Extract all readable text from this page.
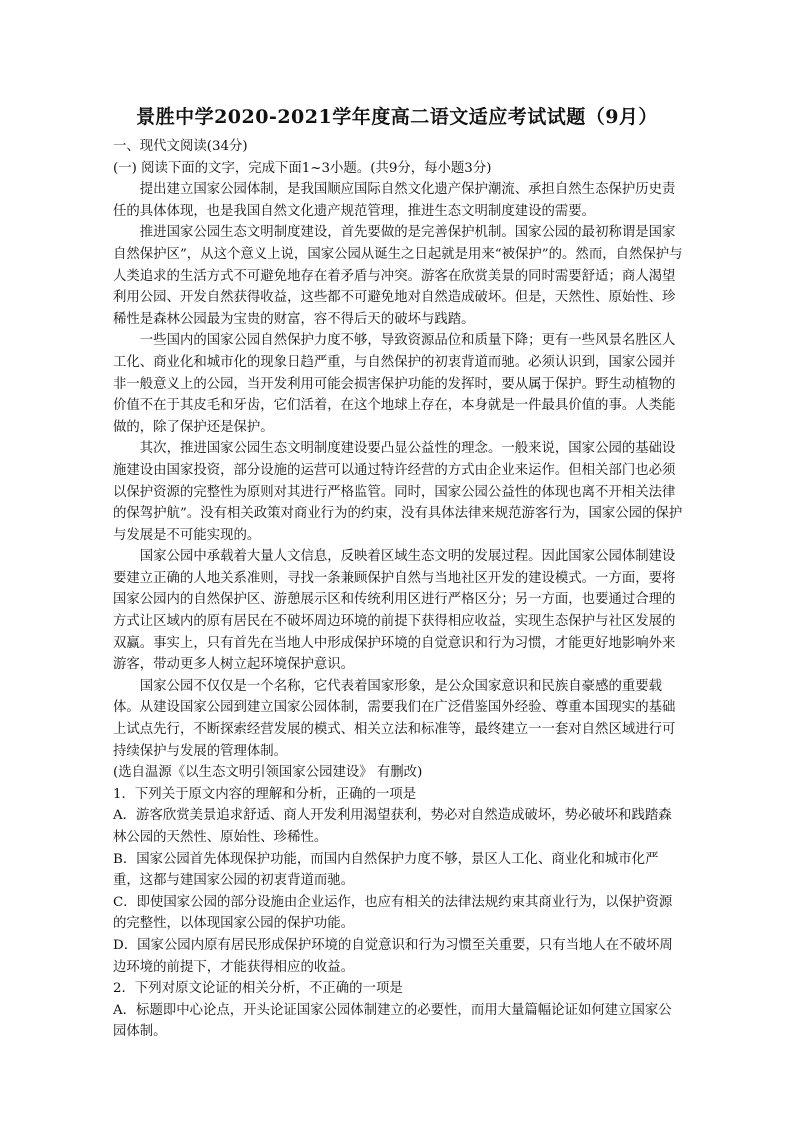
景胜中学2020-2021学年度高二语文适应考试试题（9月）

一、现代文阅读(34分)

(一) 阅读下面的文字，完成下面1~3小题。(共9分，每小题3分)

提出建立国家公园体制，是我国顺应国际自然文化遗产保护潮流、承担自然生态保护历史责任的具体体现，也是我国自然文化遗产规范管理，推进生态文明制度建设的需要。

推进国家公园生态文明制度建设，首先要做的是完善保护机制。国家公园的最初称谓是国家自然保护区”，从这个意义上说，国家公园从诞生之日起就是用来“被保护”的。然而，自然保护与人类追求的生活方式不可避免地存在着矛盾与冲突。游客在欣赏美景的同时需要舒适；商人渴望利用公园、开发自然获得收益，这些都不可避免地对自然造成破坏。但是，天然性、原始性、珍稀性是森林公园最为宝贵的财富，容不得后天的破坏与践踏。

一些国内的国家公园自然保护力度不够，导致资源品位和质量下降；更有一些风景名胜区人工化、商业化和城市化的现象日趋严重，与自然保护的初衷背道而驰。必须认识到，国家公园并非一般意义上的公园，当开发利用可能会损害保护功能的发挥时，要从属于保护。野生动植物的价值不在于其皮毛和牙齿，它们活着，在这个地球上存在，本身就是一件最具价值的事。人类能做的，除了保护还是保护。

其次，推进国家公园生态文明制度建设要凸显公益性的理念。一般来说，国家公园的基础设施建设由国家投资，部分设施的运营可以通过特许经营的方式由企业来运作。但相关部门也必须以保护资源的完整性为原则对其进行严格监管。同时，国家公园公益性的体现也离不开相关法律的保驾护航”。没有相关政策对商业行为的约束，没有具体法律来规范游客行为，国家公园的保护与发展是不可能实现的。

国家公园中承载着大量人文信息，反映着区域生态文明的发展过程。因此国家公园体制建设要建立正确的人地关系准则，寻找一条兼顾保护自然与当地社区开发的建设模式。一方面，要将国家公园内的自然保护区、游憩展示区和传统利用区进行严格区分；另一方面，也要通过合理的方式让区域内的原有居民在不破坏周边环境的前提下获得相应收益，实现生态保护与社区发展的双赢。事实上，只有首先在当地人中形成保护环境的自觉意识和行为习惯，才能更好地影响外来游客，带动更多人树立起环境保护意识。

国家公园不仅仅是一个名称，它代表着国家形象，是公众国家意识和民族自豪感的重要载体。从建设国家公园到建立国家公园体制，需要我们在广泛借鉴国外经验、尊重本国现实的基础上试点先行，不断探索经营发展的模式、相关立法和标准等，最终建立一一套对自然区域进行可持续保护与发展的管理体制。

(选自温源《以生态文明引领国家公园建设》 有删改)

1．下列关于原文内容的理解和分析，正确的一项是

A．游客欣赏美景追求舒适、商人开发利用渴望获利，势必对自然造成破坏，势必破坏和践踏森林公园的天然性、原始性、珍稀性。

B．国家公园首先体现保护功能，而国内自然保护力度不够，景区人工化、商业化和城市化严重，这都与建国家公园的初衷背道而驰。

C．即使国家公园的部分设施由企业运作，也应有相关的法律法规约束其商业行为，以保护资源的完整性，以体现国家公园的保护功能。

D．国家公园内原有居民形成保护环境的自觉意识和行为习惯至关重要，只有当地人在不破坏周边环境的前提下，才能获得相应的收益。

2．下列对原文论证的相关分析，不正确的一项是

A．标题即中心论点，开头论证国家公园体制建立的必要性，而用大量篇幅论证如何建立国家公园体制。
